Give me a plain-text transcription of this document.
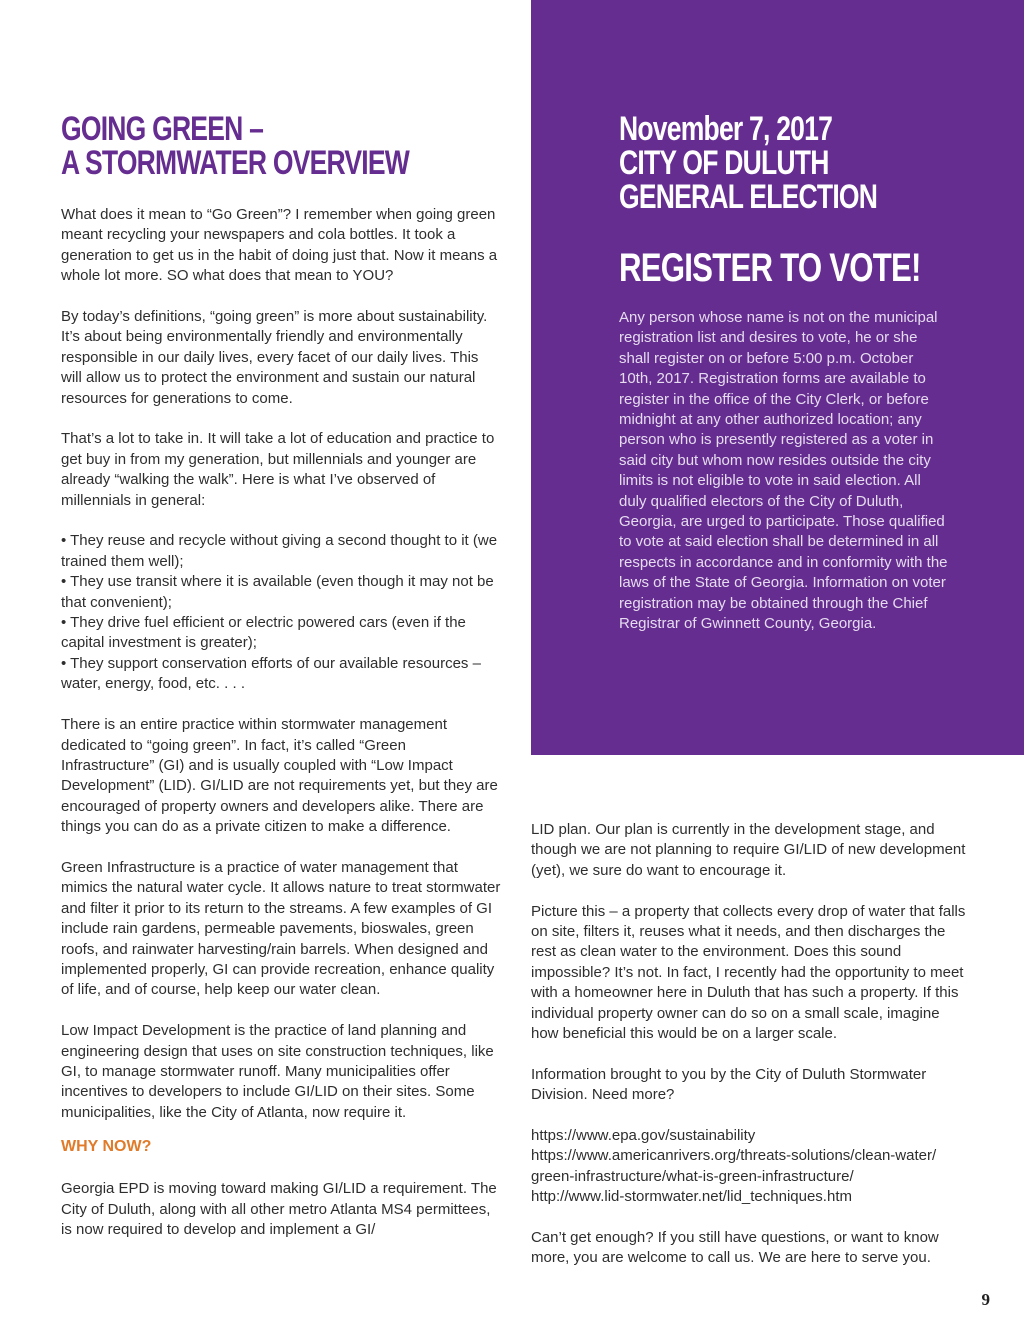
GOING GREEN –
A STORMWATER OVERVIEW

What does it mean to “Go Green”? I remember when going green meant recycling your newspapers and cola bottles. It took a generation to get us in the habit of doing just that. Now it means a whole lot more. SO what does that mean to YOU?

By today’s definitions, “going green” is more about sustainability. It’s about being environmentally friendly and environmentally responsible in our daily lives, every facet of our daily lives. This will allow us to protect the environment and sustain our natural resources for generations to come.

That’s a lot to take in. It will take a lot of education and practice to get buy in from my generation, but millennials and younger are already “walking the walk”. Here is what I’ve observed of millennials in general:

• They reuse and recycle without giving a second thought to it (we trained them well);

• They use transit where it is available (even though it may not be that convenient);

• They drive fuel efficient or electric powered cars (even if the capital investment is greater);

• They support conservation efforts of our available resources – water, energy, food, etc. . . .

There is an entire practice within stormwater management dedicated to “going green”. In fact, it’s called “Green Infrastructure” (GI) and is usually coupled with “Low Impact Development” (LID). GI/LID are not requirements yet, but they are encouraged of property owners and developers alike. There are things you can do as a private citizen to make a difference.

Green Infrastructure is a practice of water management that mimics the natural water cycle. It allows nature to treat stormwater and filter it prior to its return to the streams. A few examples of GI include rain gardens, permeable pavements, bioswales, green roofs, and rainwater harvesting/rain barrels. When designed and implemented properly, GI can provide recreation, enhance quality of life, and of course, help keep our water clean.

Low Impact Development is the practice of land planning and engineering design that uses on site construction techniques, like GI, to manage stormwater runoff. Many municipalities offer incentives to developers to include GI/LID on their sites. Some municipalities, like the City of Atlanta, now require it.

WHY NOW?

Georgia EPD is moving toward making GI/LID a requirement. The City of Duluth, along with all other metro Atlanta MS4 permittees, is now required to develop and implement a GI/

November 7, 2017
CITY OF DULUTH
GENERAL ELECTION
REGISTER TO VOTE!

Any person whose name is not on the municipal registration list and desires to vote, he or she shall register on or before 5:00 p.m. October 10th, 2017. Registration forms are available to register in the office of the City Clerk, or before midnight at any other authorized location; any person who is presently registered as a voter in said city but whom now resides outside the city limits is not eligible to vote in said election. All duly qualified electors of the City of Duluth, Georgia, are urged to participate. Those qualified to vote at said election shall be determined in all respects in accordance and in conformity with the laws of the State of Georgia. Information on voter registration may be obtained through the Chief Registrar of Gwinnett County, Georgia.

LID plan. Our plan is currently in the development stage, and though we are not planning to require GI/LID of new development (yet), we sure do want to encourage it.

Picture this – a property that collects every drop of water that falls on site, filters it, reuses what it needs, and then discharges the rest as clean water to the environment. Does this sound impossible? It’s not. In fact, I recently had the opportunity to meet with a homeowner here in Duluth that has such a property. If this individual property owner can do so on a small scale, imagine how beneficial this would be on a larger scale.

Information brought to you by the City of Duluth Stormwater Division. Need more?

https://www.epa.gov/sustainability

https://www.americanrivers.org/threats-solutions/clean-water/

green-infrastructure/what-is-green-infrastructure/

http://www.lid-stormwater.net/lid_techniques.htm

Can’t get enough? If you still have questions, or want to know more, you are welcome to call us. We are here to serve you.

9
